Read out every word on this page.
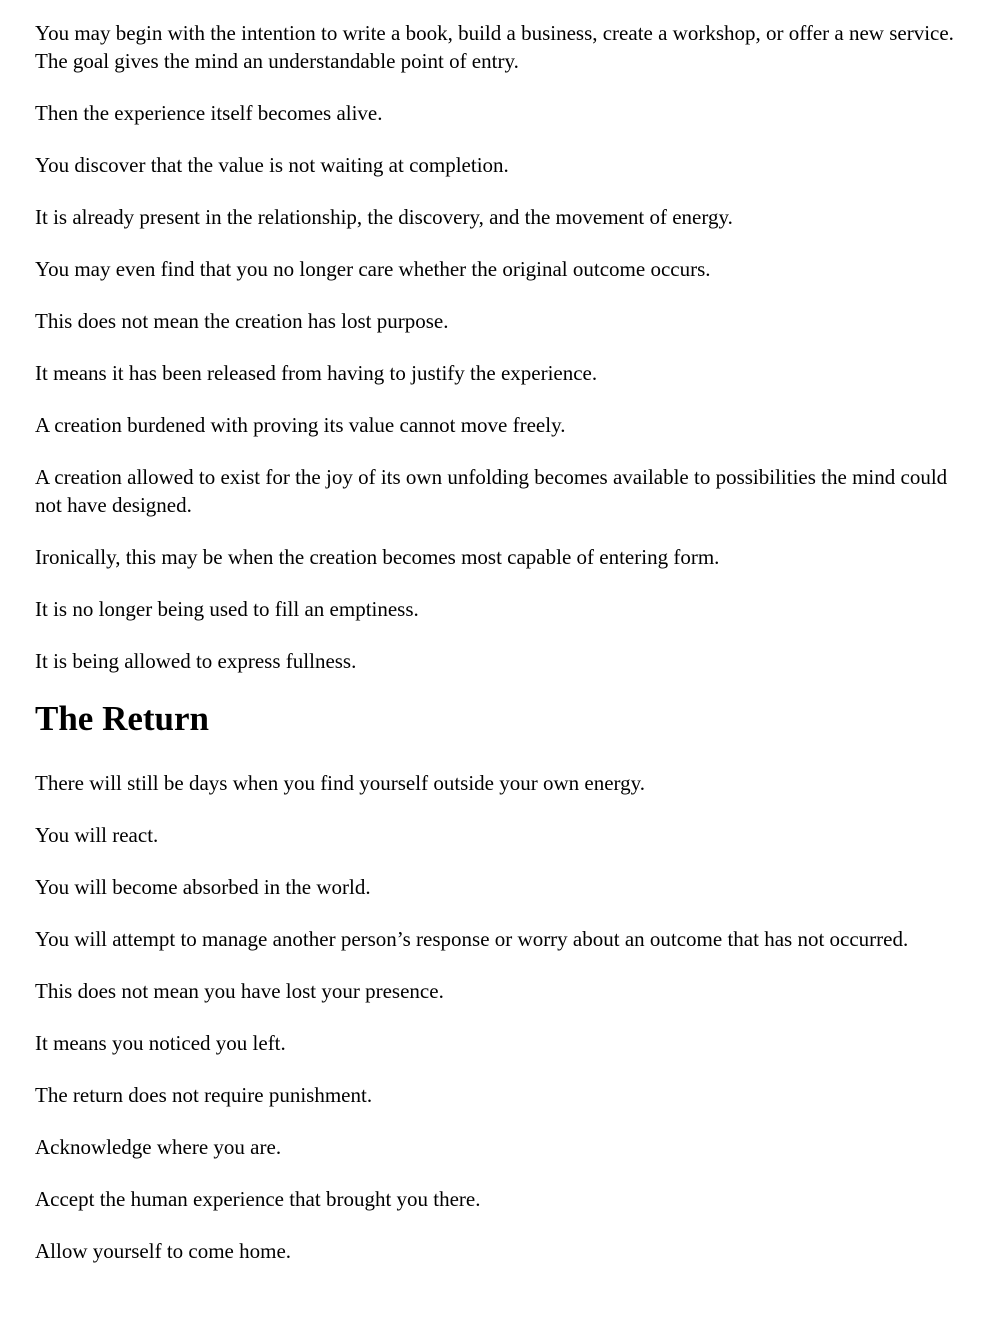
You may begin with the intention to write a book, build a business, create a workshop, or offer a new service. The goal gives the mind an understandable point of entry.

Then the experience itself becomes alive.

You discover that the value is not waiting at completion.

It is already present in the relationship, the discovery, and the movement of energy.

You may even find that you no longer care whether the original outcome occurs.

This does not mean the creation has lost purpose.

It means it has been released from having to justify the experience.

A creation burdened with proving its value cannot move freely.

A creation allowed to exist for the joy of its own unfolding becomes available to possibilities the mind could not have designed.

Ironically, this may be when the creation becomes most capable of entering form.

It is no longer being used to fill an emptiness.

It is being allowed to express fullness.

The Return

There will still be days when you find yourself outside your own energy.

You will react.

You will become absorbed in the world.

You will attempt to manage another person’s response or worry about an outcome that has not occurred.

This does not mean you have lost your presence.

It means you noticed you left.

The return does not require punishment.

Acknowledge where you are.

Accept the human experience that brought you there.

Allow yourself to come home.
